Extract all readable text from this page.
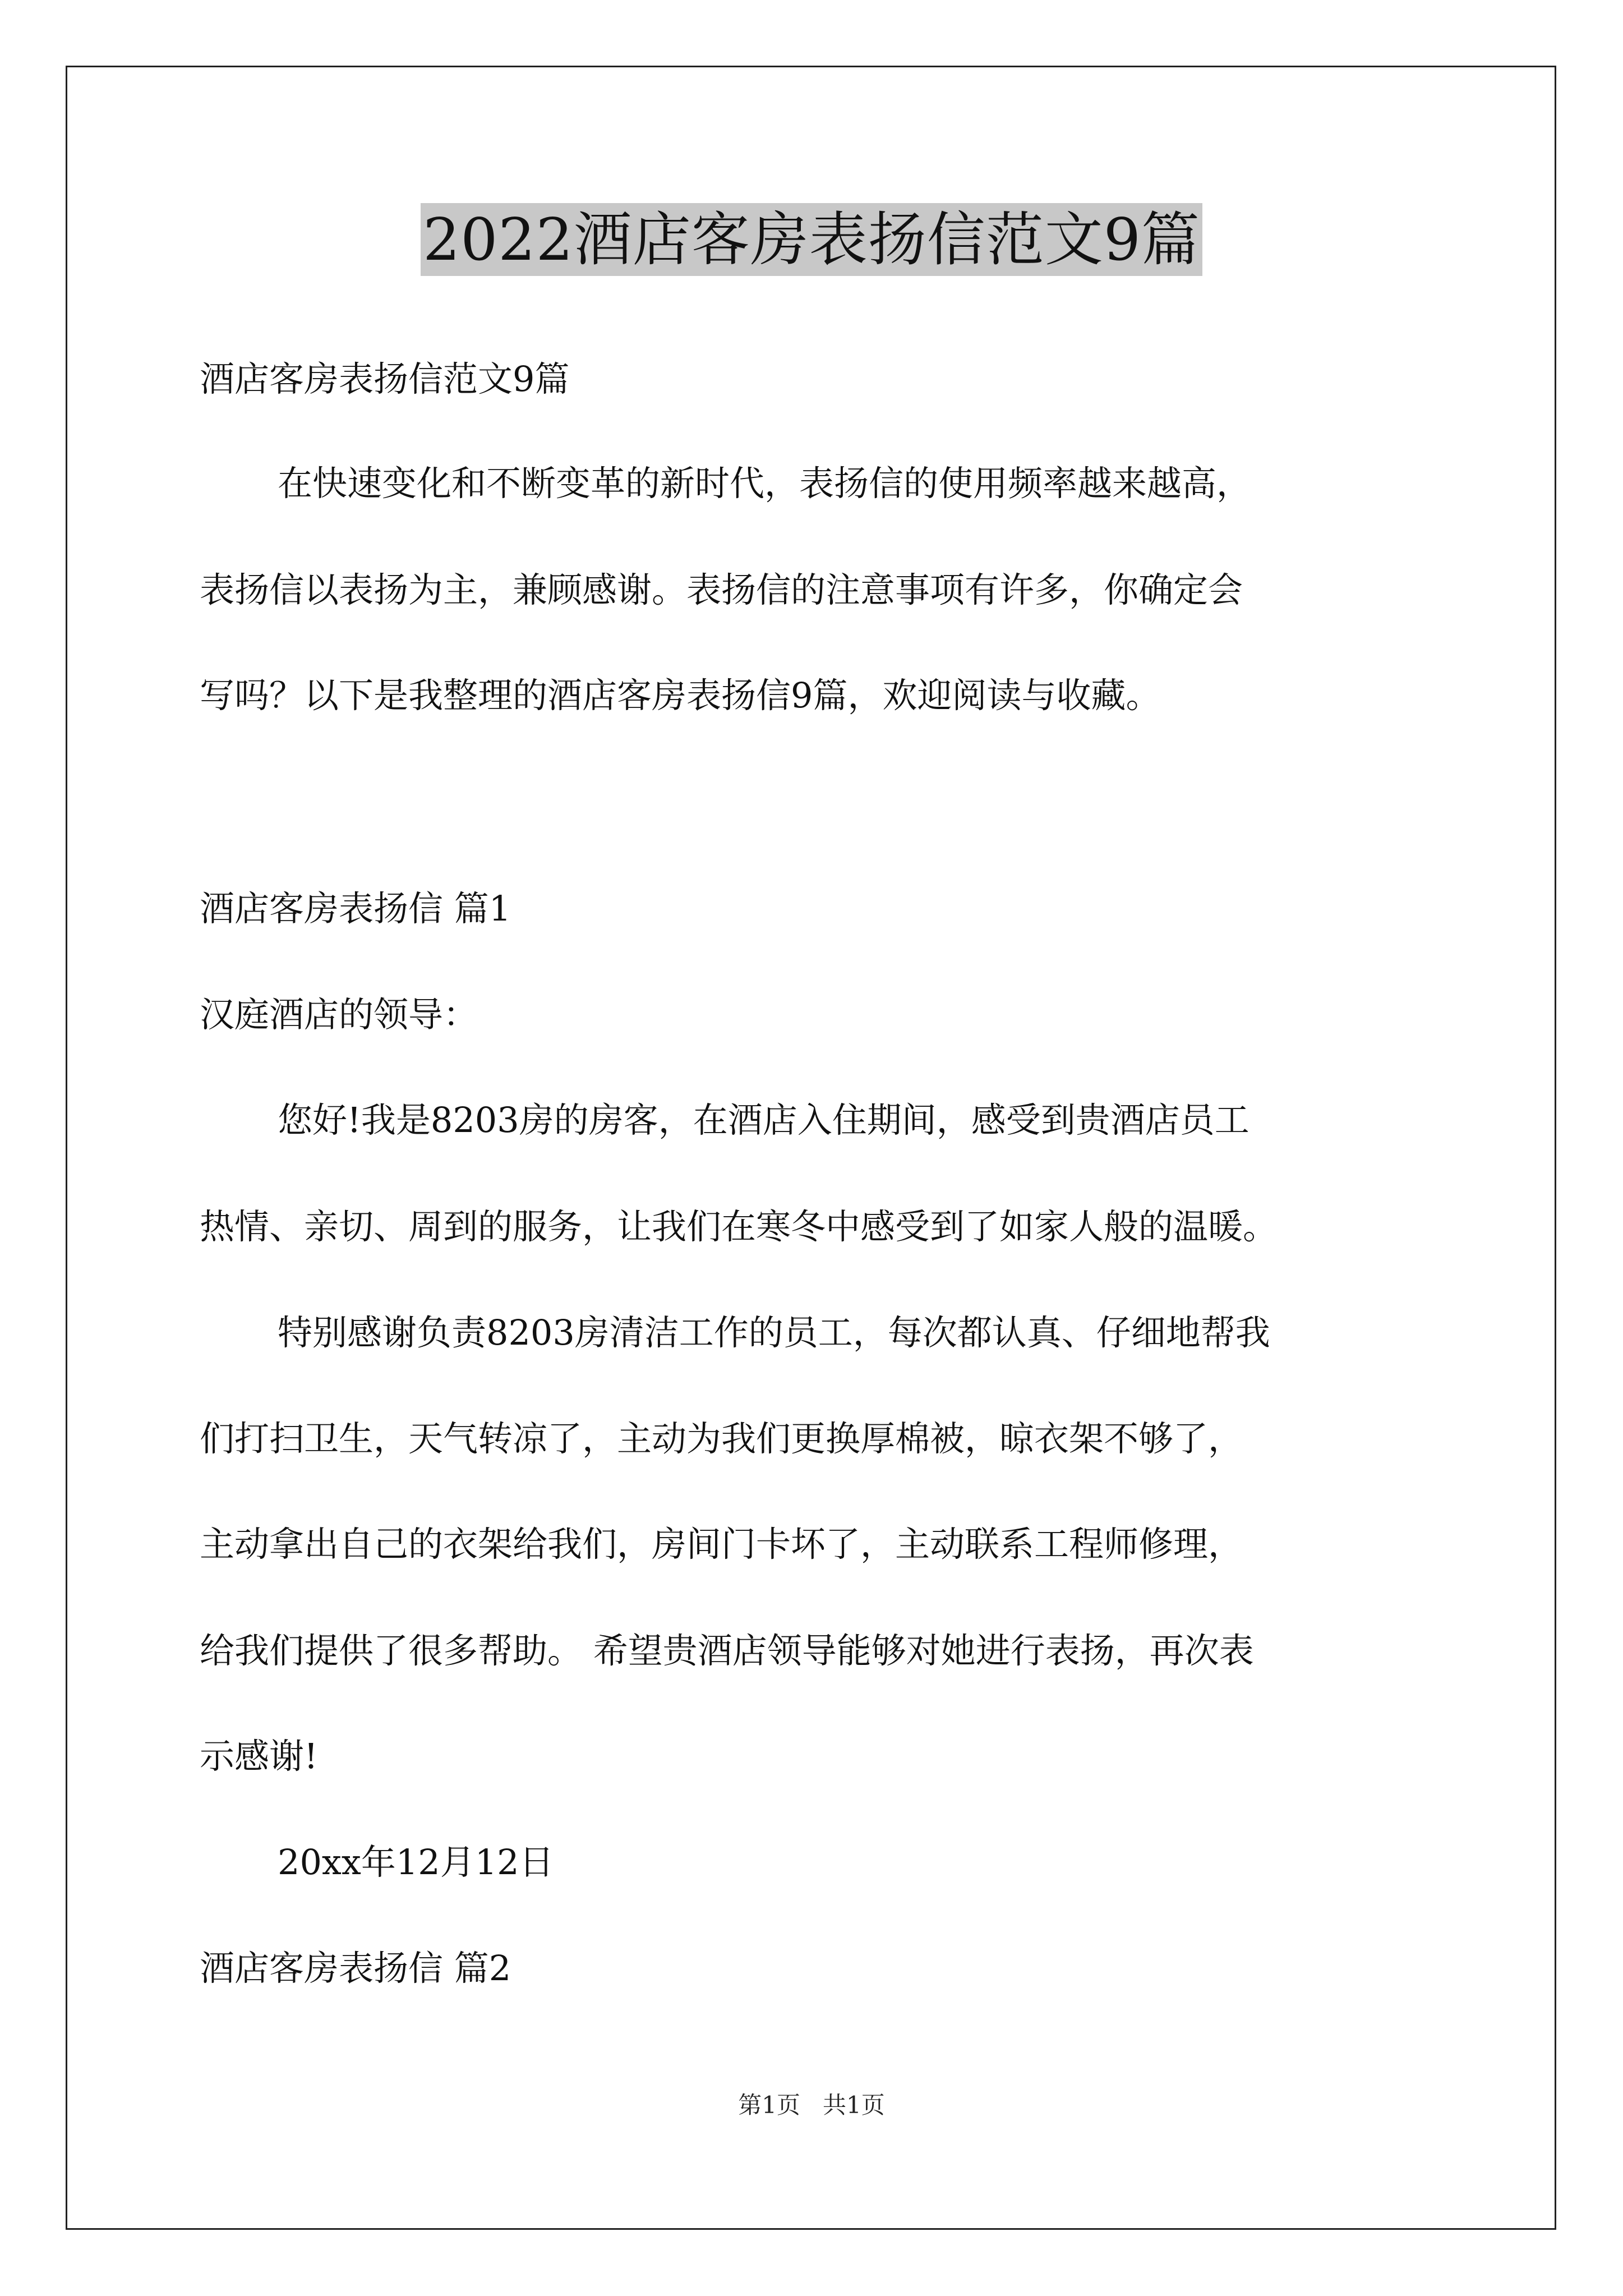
2022酒店客房表扬信范文9篇
酒店客房表扬信范文9篇
在快速变化和不断变革的新时代，表扬信的使用频率越来越高，
表扬信以表扬为主，兼顾感谢。表扬信的注意事项有许多，你确定会
写吗？以下是我整理的酒店客房表扬信9篇，欢迎阅读与收藏。
酒店客房表扬信 篇1
汉庭酒店的领导：
您好!我是8203房的房客，在酒店入住期间，感受到贵酒店员工
热情、亲切、周到的服务，让我们在寒冬中感受到了如家人般的温暖。
特别感谢负责8203房清洁工作的员工，每次都认真、仔细地帮我
们打扫卫生，天气转凉了，主动为我们更换厚棉被，晾衣架不够了，
主动拿出自己的衣架给我们，房间门卡坏了，主动联系工程师修理，
给我们提供了很多帮助。 希望贵酒店领导能够对她进行表扬，再次表
示感谢!
20xx年12月12日
酒店客房表扬信 篇2
第1页   共1页
